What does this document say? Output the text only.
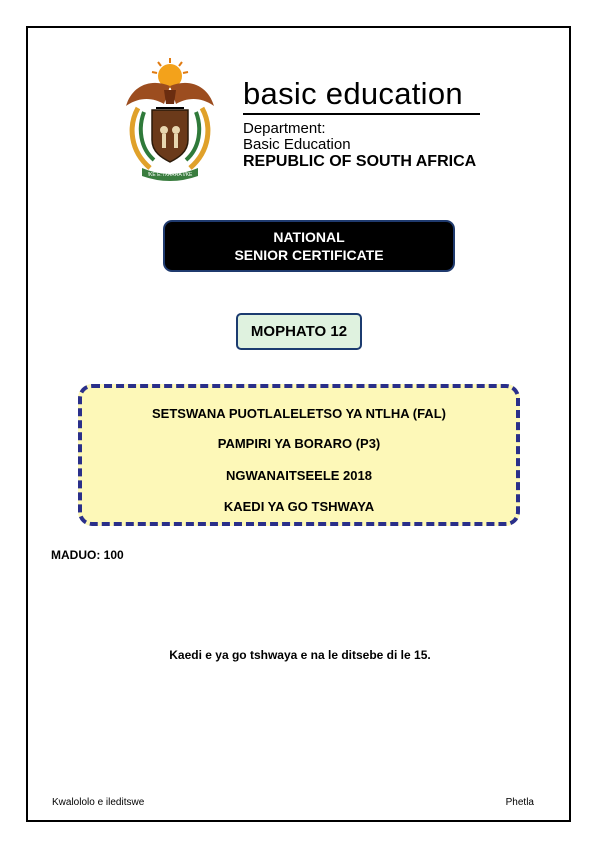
!KE E: /XARRA //KE
basic education
Department:
Basic Education
REPUBLIC OF SOUTH AFRICA
NATIONAL
SENIOR CERTIFICATE
MOPHATO 12
SETSWANA PUOTLALELETSO YA NTLHA (FAL)
PAMPIRI YA BORARO (P3)
NGWANAITSEELE 2018
KAEDI YA GO TSHWAYA
MADUO: 100
Kaedi e ya go tshwaya e na le ditsebe di le 15.
Kwalololo e ileditswe	Phetla
